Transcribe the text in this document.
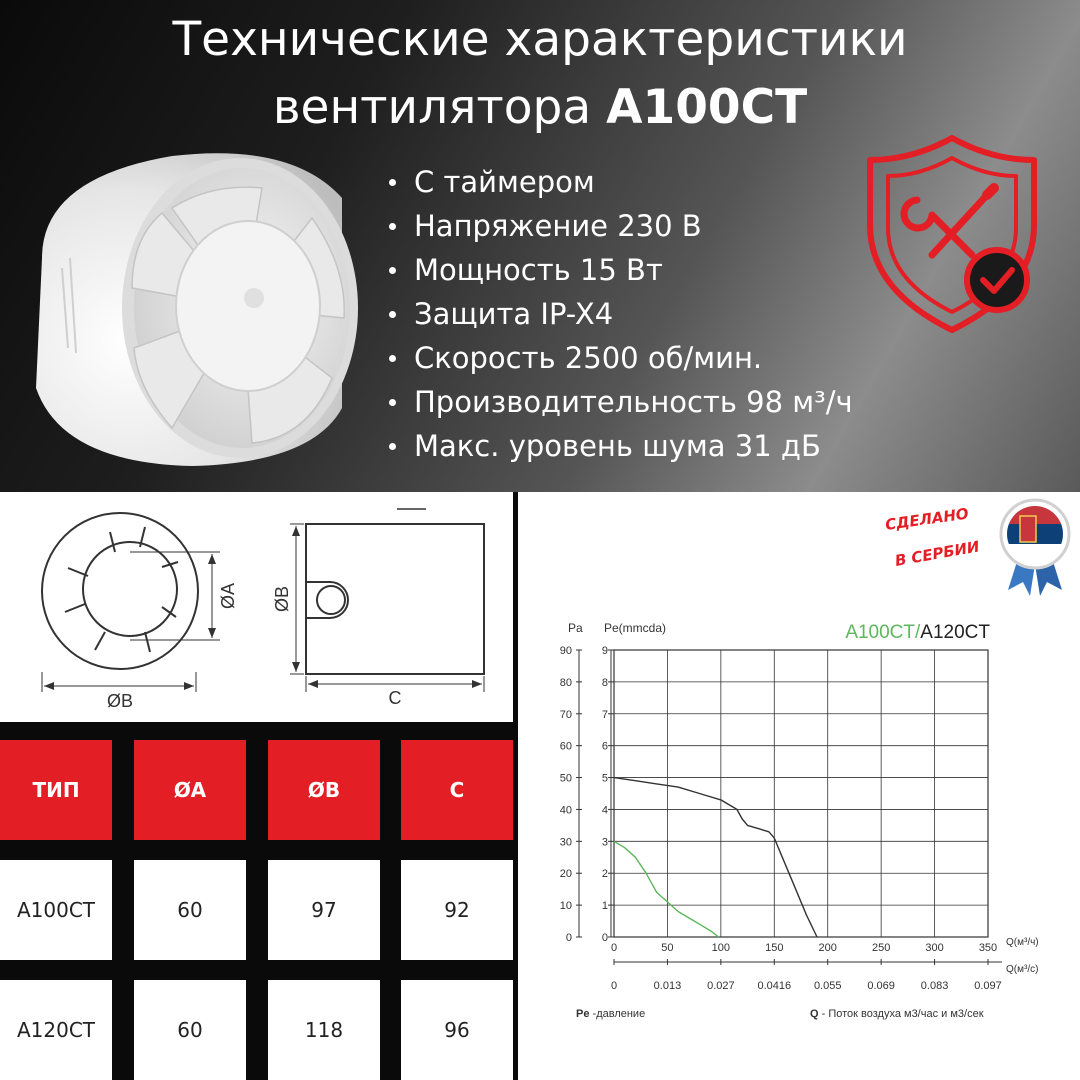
Технические характеристики
вентилятора A100CT
С таймером
Напряжение 230 В
Мощность 15 Вт
Защита IP-X4
Скорость 2500 об/мин.
Производительность 98 м³/ч
Макс. уровень шума 31 дБ
ØA
ØB
ØB
C
ТИП	ØA	ØB	C
A100CT	60	97	92
A120CT	60	118	96
СДЕЛАНО
В СЕРБИИ
0	0
10	1
20	2
30	3
40	4
50	5
60	6
70	7
80	8
90	9
0
0
50
0.013
100
0.027
150
0.0416
200
0.055
250
0.069
300
0.083
350
0.097
Pa Pe(mmcda)	A100CT/A120CT
Q(м³/ч)
Q(м³/с)
Pe -давление	Q - Поток воздуха м3/час и м3/сек
